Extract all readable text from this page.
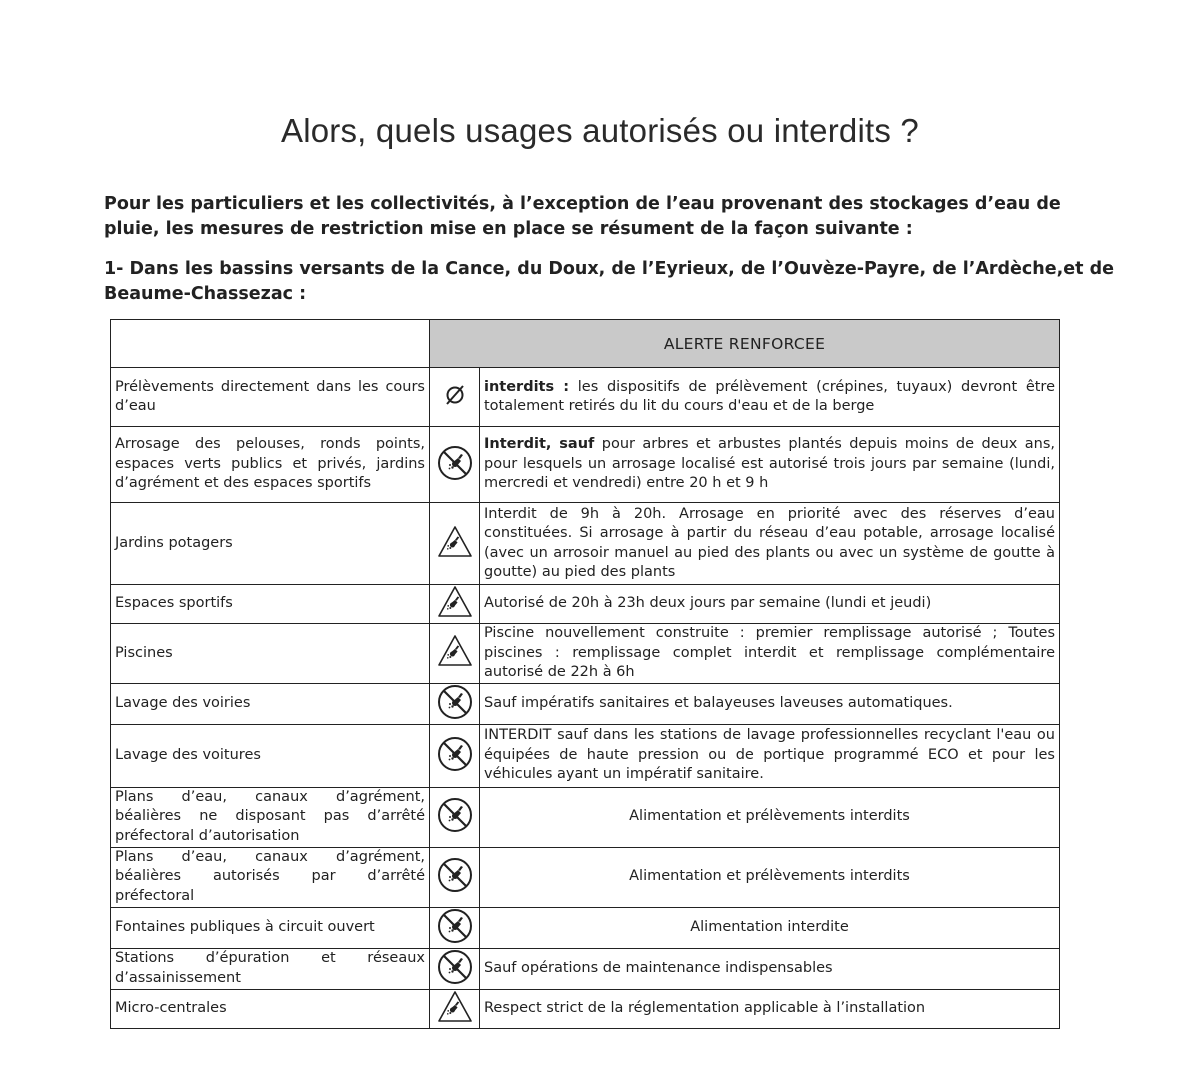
Alors, quels usages autorisés ou interdits ?
Pour les particuliers et les collectivités, à l’exception de l’eau provenant des stockages d’eau de pluie, les mesures de restriction mise en place se résument de la façon suivante :
1- Dans les bassins versants de la Cance, du Doux, de l’Eyrieux, de l’Ouvèze-Payre, de l’Ardèche,et de Beaume-Chassezac :
	ALERTE RENFORCEE	
Prélèvements directement dans les cours d’eau		interdits : les dispositifs de prélèvement (crépines, tuyaux) devront être totalement retirés du lit du cours d'eau et de la berge
Arrosage des pelouses, ronds points, espaces verts publics et privés, jardins d’agrément et des espaces sportifs		Interdit, sauf pour arbres et arbustes plantés depuis moins de deux ans, pour lesquels un arrosage localisé est autorisé trois jours par semaine (lundi, mercredi et vendredi) entre 20 h et 9 h
Jardins potagers		Interdit de 9h à 20h. Arrosage en priorité avec des réserves d’eau constituées. Si arrosage à partir du réseau d’eau potable, arrosage localisé (avec un arrosoir manuel au pied des plants ou avec un système de goutte à goutte) au pied des plants
Espaces sportifs		Autorisé de 20h à 23h deux jours par semaine (lundi et jeudi)
Piscines		Piscine nouvellement construite : premier remplissage autorisé ; Toutes piscines : remplissage complet interdit et remplissage complémentaire autorisé de 22h à 6h
Lavage des voiries		Sauf impératifs sanitaires et balayeuses laveuses automatiques.
Lavage des voitures		INTERDIT sauf dans les stations de lavage professionnelles recyclant l'eau ou équipées de haute pression ou de portique programmé ECO et pour les véhicules ayant un impératif sanitaire.
Plans d’eau, canaux d’agrément, béalières ne disposant pas d’arrêté préfectoral d’autorisation		Alimentation et prélèvements interdits
Plans d’eau, canaux d’agrément, béalières autorisés par d’arrêté préfectoral		Alimentation et prélèvements interdits
Fontaines publiques à circuit ouvert		Alimentation interdite
Stations d’épuration et réseaux d’assainissement		Sauf opérations de maintenance indispensables
Micro-centrales		Respect strict de la réglementation applicable à l’installation
